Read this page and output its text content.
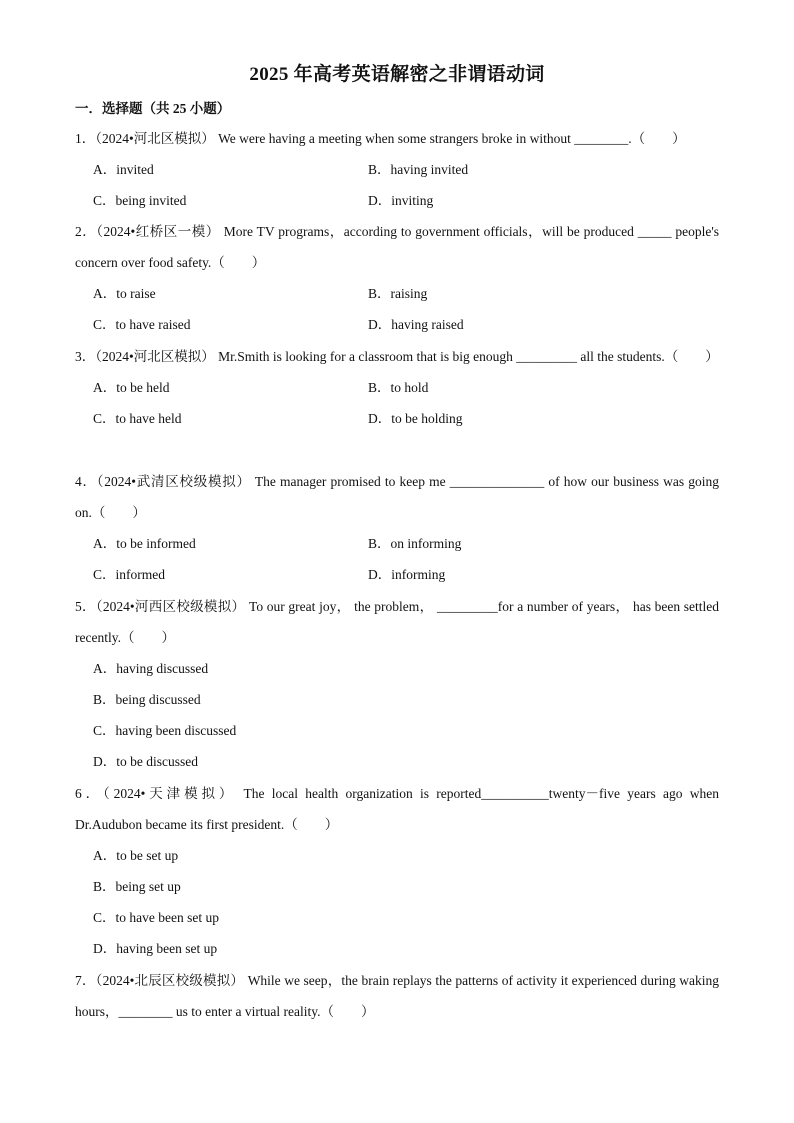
2025 年高考英语解密之非谓语动词
一．选择题（共 25 小题）
1．（2024•河北区模拟） We were having a meeting when some strangers broke in without ________.（　　）
A．invited	B．having invited
C．being invited	D．inviting
2．（2024•红桥区一模） More TV programs，according to government officials，will be produced _____ people's concern over food safety.（　　）
A．to raise	B．raising
C．to have raised	D．having raised
3．（2024•河北区模拟） Mr.Smith is looking for a classroom that is big enough _________ all the students.（　　）
A．to be held	B．to hold
C．to have held	D．to be holding
4．（2024•武清区校级模拟） The manager promised to keep me ______________ of how our business was going on.（　　）
A．to be informed	B．on informing
C．informed	D．informing
5．（2024•河西区校级模拟） To our great joy， the problem， _________for a number of years， has been settled recently.（　　）
A．having discussed
B．being discussed
C．having been discussed
D．to be discussed
6．（2024•天津模拟） The local health organization is reported__________twenty－five years ago when Dr.Audubon became its first president.（　　）
A．to be set up
B．being set up
C．to have been set up
D．having been set up
7．（2024•北辰区校级模拟） While we seep，the brain replays the patterns of activity it experienced during waking hours，________ us to enter a virtual reality.（　　）
